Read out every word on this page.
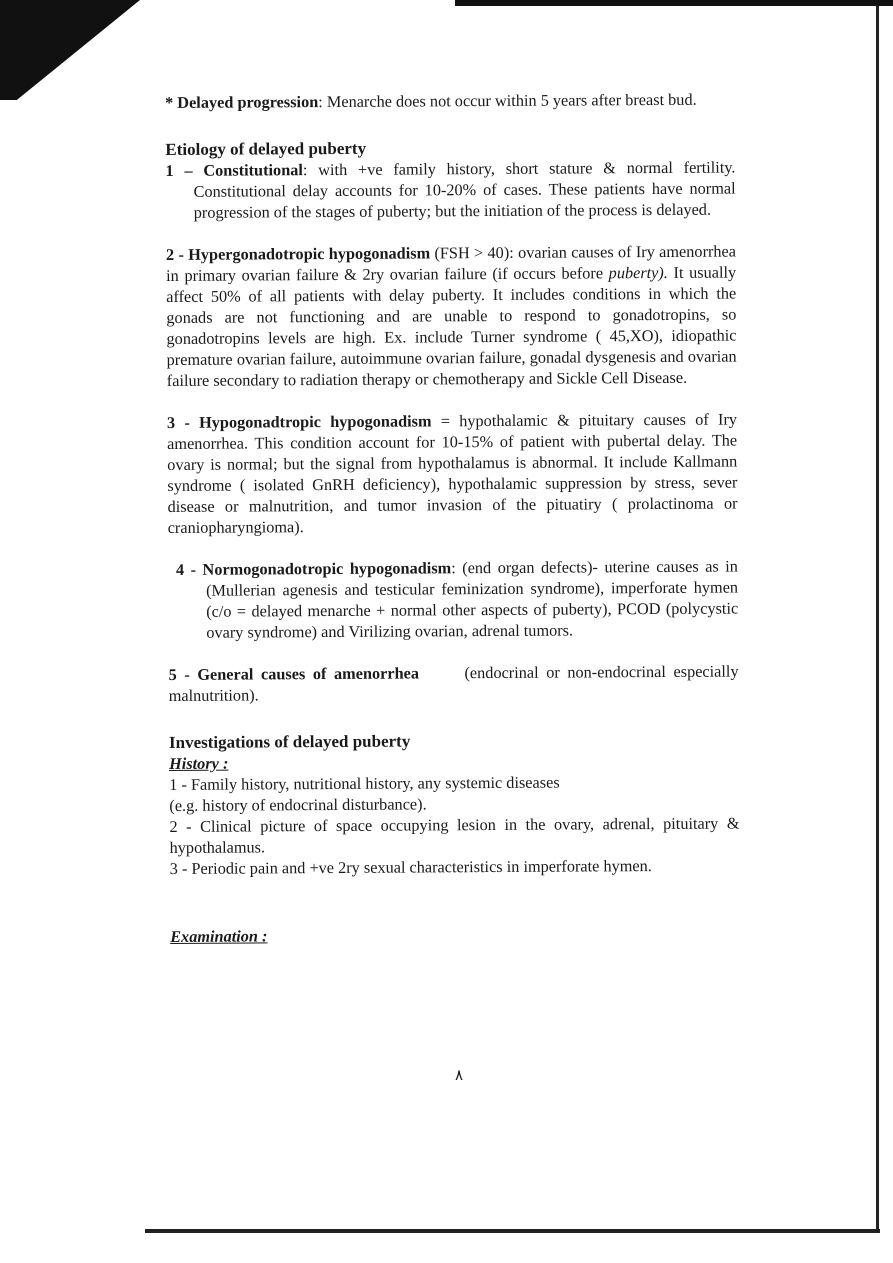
* Delayed progression: Menarche does not occur within 5 years after breast bud.

Etiology of delayed puberty

1 – Constitutional: with +ve family history, short stature & normal fertility. Constitutional delay accounts for 10-20% of cases. These patients have normal progression of the stages of puberty; but the initiation of the process is delayed.

2 - Hypergonadotropic hypogonadism (FSH > 40): ovarian causes of Iry amenorrhea in primary ovarian failure & 2ry ovarian failure (if occurs before puberty). It usually affect 50% of all patients with delay puberty. It includes conditions in which the gonads are not functioning and are unable to respond to gonadotropins, so gonadotropins levels are high. Ex. include Turner syndrome ( 45,XO), idiopathic premature ovarian failure, autoimmune ovarian failure, gonadal dysgenesis and ovarian failure secondary to radiation therapy or chemotherapy and Sickle Cell Disease.

3 - Hypogonadtropic hypogonadism = hypothalamic & pituitary causes of Iry amenorrhea. This condition account for 10-15% of patient with pubertal delay. The ovary is normal; but the signal from hypothalamus is abnormal. It include Kallmann syndrome ( isolated GnRH deficiency), hypothalamic suppression by stress, sever disease or malnutrition, and tumor invasion of the pituatiry ( prolactinoma or craniopharyngioma).

4 - Normogonadotropic hypogonadism: (end organ defects)- uterine causes as in (Mullerian agenesis and testicular feminization syndrome), imperforate hymen (c/o = delayed menarche + normal other aspects of puberty), PCOD (polycystic ovary syndrome) and Virilizing ovarian, adrenal tumors.

5 - General causes of amenorrhea      (endocrinal or non-endocrinal especially malnutrition).

Investigations of delayed puberty
History :

1 - Family history, nutritional history, any systemic diseases

(e.g. history of endocrinal disturbance).

2 - Clinical picture of space occupying lesion in the ovary, adrenal, pituitary & hypothalamus.

3 - Periodic pain and +ve 2ry sexual characteristics in imperforate hymen.

Examination :
٨
